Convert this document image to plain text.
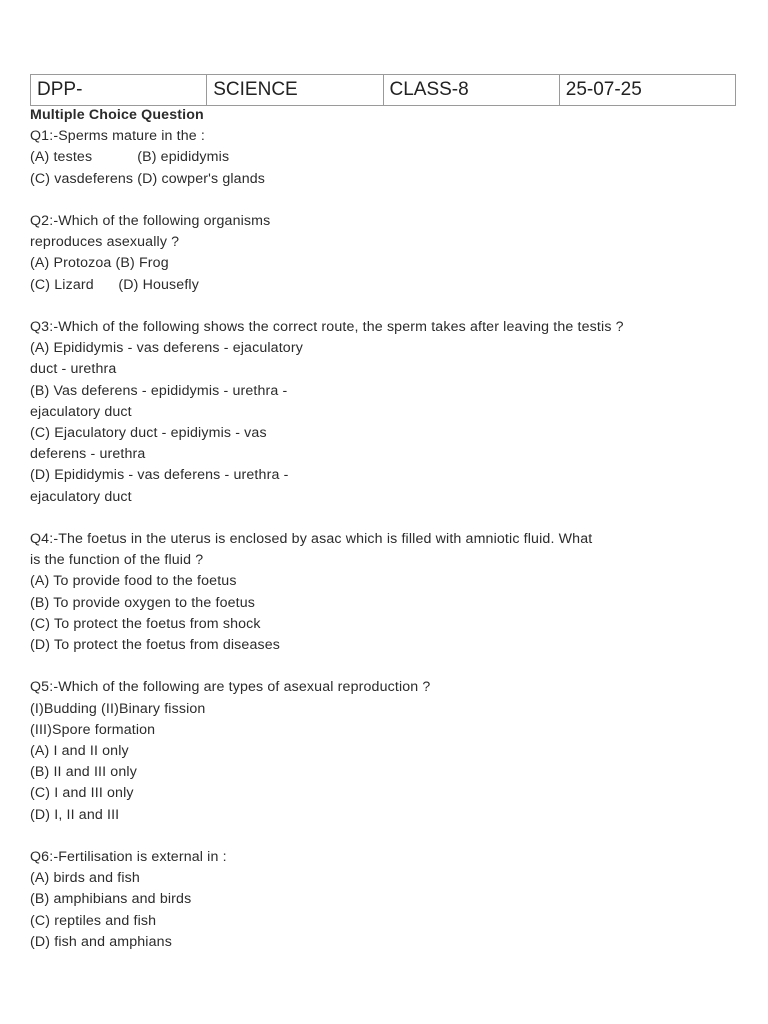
DPP-	SCIENCE	CLASS-8	25-07-25
Multiple Choice Question
Q1:-Sperms mature in the :
(A) testes           (B) epididymis
(C) vasdeferens (D) cowper's glands
Q2:-Which of the following organisms
reproduces asexually ?
(A) Protozoa (B) Frog
(C) Lizard      (D) Housefly
Q3:-Which of the following shows the correct route, the sperm takes after leaving the testis ?
(A) Epididymis - vas deferens - ejaculatory
duct - urethra
(B) Vas deferens - epididymis - urethra -
ejaculatory duct
(C) Ejaculatory duct - epidiymis - vas
deferens - urethra
(D) Epididymis - vas deferens - urethra -
ejaculatory duct
Q4:-The foetus in the uterus is enclosed by asac which is filled with amniotic fluid. What
is the function of the fluid ?
(A) To provide food to the foetus
(B) To provide oxygen to the foetus
(C) To protect the foetus from shock
(D) To protect the foetus from diseases
Q5:-Which of the following are types of asexual reproduction ?
(I)Budding (II)Binary fission
(III)Spore formation
(A) I and II only
(B) II and III only
(C) I and III only
(D) I, II and III
Q6:-Fertilisation is external in :
(A) birds and fish
(B) amphibians and birds
(C) reptiles and fish
(D) fish and amphians
